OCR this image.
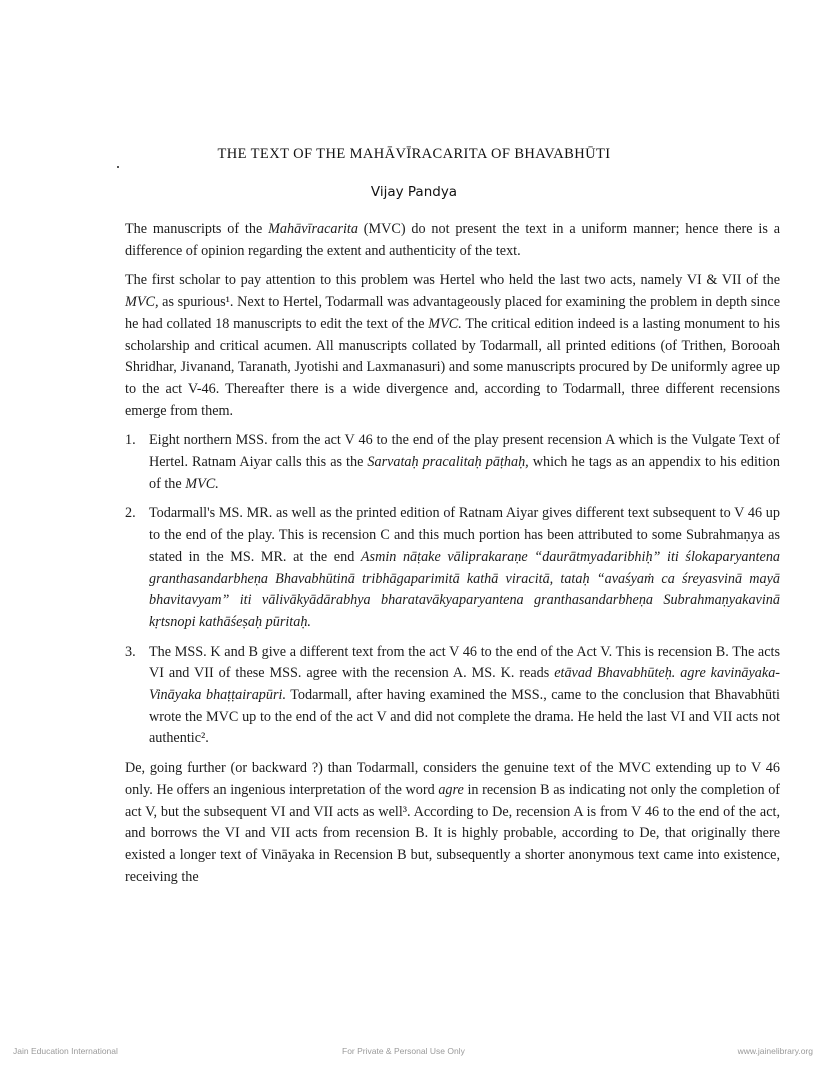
THE TEXT OF THE MAHĀVĪRACARITA OF BHAVABHŪTI
Vijay Pandya

The manuscripts of the Mahāvīracarita (MVC) do not present the text in a uniform manner; hence there is a difference of opinion regarding the extent and authenticity of the text.

The first scholar to pay attention to this problem was Hertel who held the last two acts, namely VI & VII of the MVC, as spurious¹. Next to Hertel, Todarmall was advantageously placed for examining the problem in depth since he had collated 18 manuscripts to edit the text of the MVC. The critical edition indeed is a lasting monument to his scholarship and critical acumen. All manuscripts collated by Todarmall, all printed editions (of Trithen, Borooah Shridhar, Jivanand, Taranath, Jyotishi and Laxmanasuri) and some manuscripts procured by De uniformly agree up to the act V-46. Thereafter there is a wide divergence and, according to Todarmall, three different recensions emerge from them.

1. Eight northern MSS. from the act V 46 to the end of the play present recension A which is the Vulgate Text of Hertel. Ratnam Aiyar calls this as the Sarvataḥ pracalitaḥ pāṭhaḥ, which he tags as an appendix to his edition of the MVC.
2. Todarmall's MS. MR. as well as the printed edition of Ratnam Aiyar gives different text subsequent to V 46 up to the end of the play. This is recension C and this much portion has been attributed to some Subrahmaṇya as stated in the MS. MR. at the end Asmin nāṭake vāliprakaraṇe “daurātmyadaribhiḥ” iti ślokaparyantena granthasandarbheṇa Bhavabhūtinā tribhāgaparimitā kathā viracitā, tataḥ “avaśyaṁ ca śreyasvinā mayā bhavitavyam” iti vālivākyādārabhya bharatavākyaparyantena granthasandarbheṇa Subrahmaṇyakavinā kṛtsnopi kathāśeṣaḥ pūritaḥ.
3. The MSS. K and B give a different text from the act V 46 to the end of the Act V. This is recension B. The acts VI and VII of these MSS. agree with the recension A. MS. K. reads etāvad Bhavabhūteḥ. agre kavināyaka-Vināyaka bhaṭṭairapūri. Todarmall, after having examined the MSS., came to the conclusion that Bhavabhūti wrote the MVC up to the end of the act V and did not complete the drama. He held the last VI and VII acts not authentic².

De, going further (or backward ?) than Todarmall, considers the genuine text of the MVC extending up to V 46 only. He offers an ingenious interpretation of the word agre in recension B as indicating not only the completion of act V, but the subsequent VI and VII acts as well³. According to De, recension A is from V 46 to the end of the act, and borrows the VI and VII acts from recension B. It is highly probable, according to De, that originally there existed a longer text of Vināyaka in Recension B but, subsequently a shorter anonymous text came into existence, receiving the

Jain Education International	For Private & Personal Use Only	www.jainelibrary.org
